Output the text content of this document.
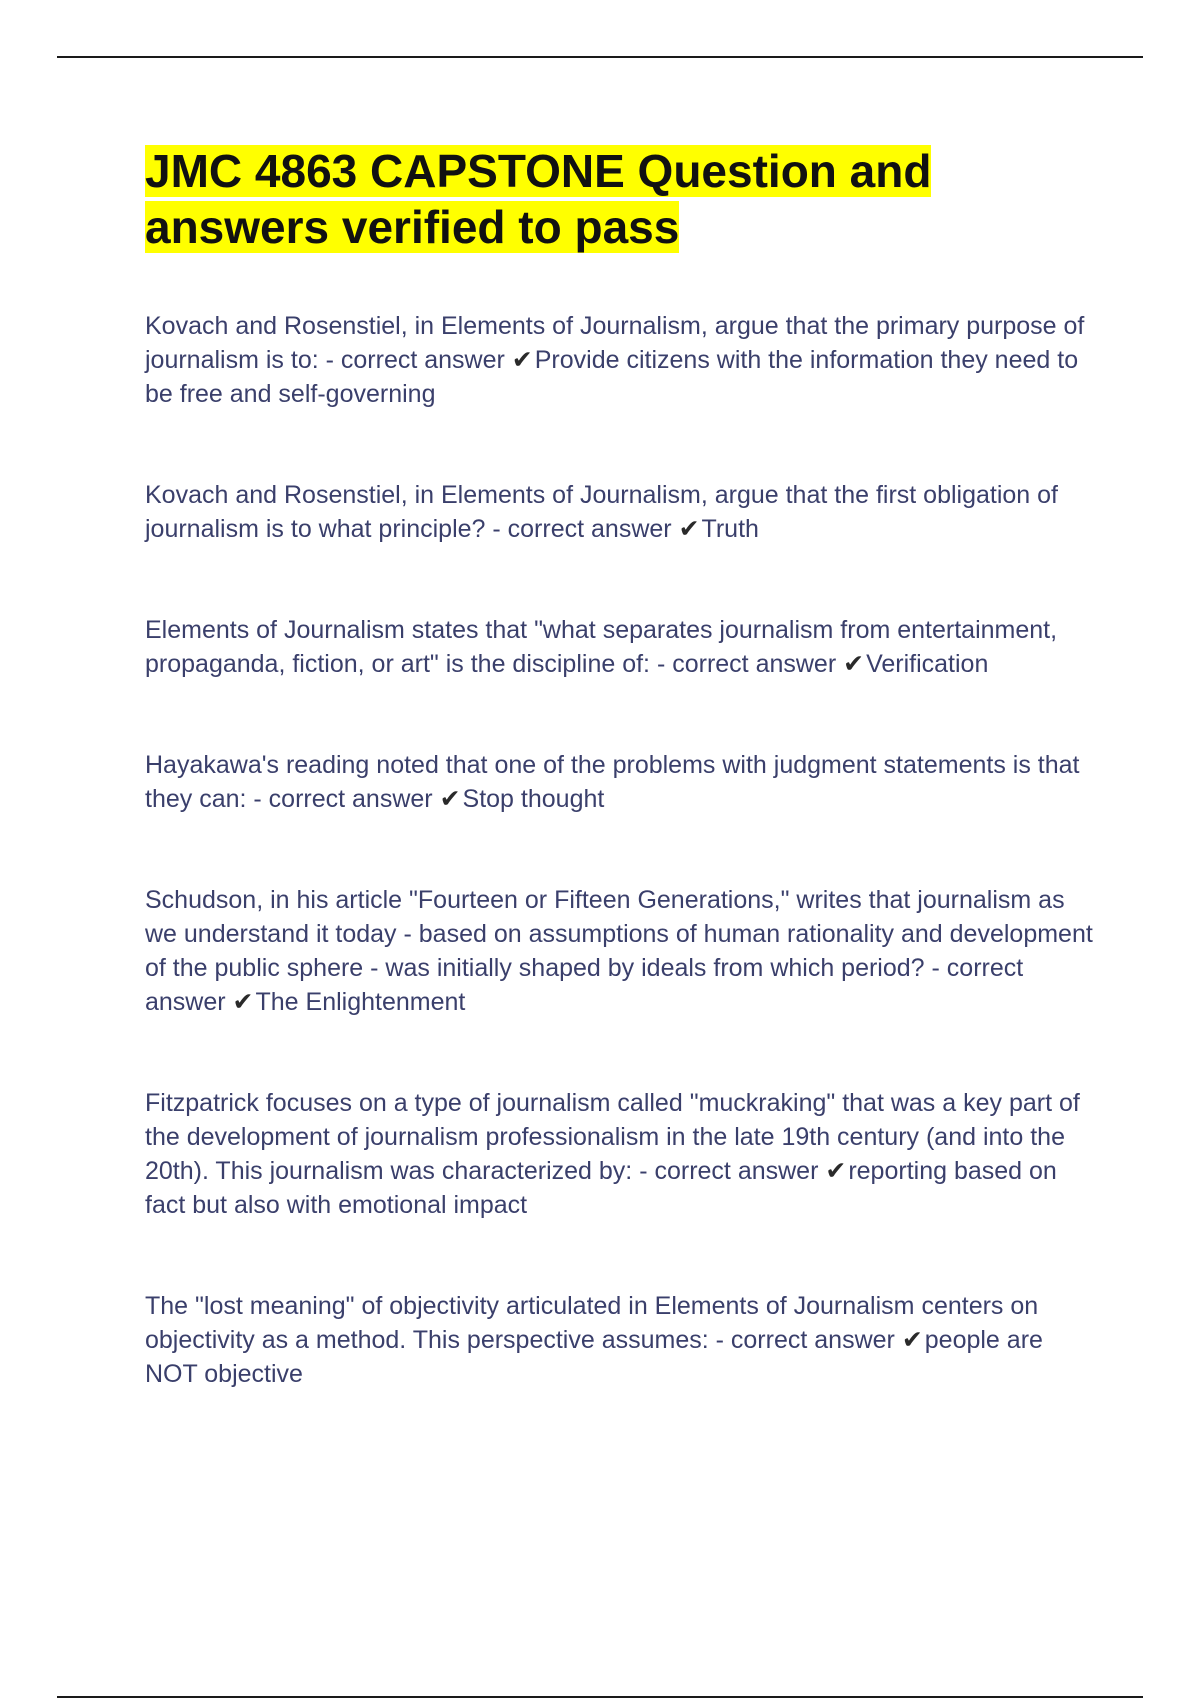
JMC 4863 CAPSTONE Question and
answers verified to pass

Kovach and Rosenstiel, in Elements of Journalism, argue that the primary purpose of journalism is to: - correct answer ✔Provide citizens with the information they need to be free and self-governing

Kovach and Rosenstiel, in Elements of Journalism, argue that the first obligation of journalism is to what principle? - correct answer ✔Truth

Elements of Journalism states that "what separates journalism from entertainment, propaganda, fiction, or art" is the discipline of: - correct answer ✔Verification

Hayakawa's reading noted that one of the problems with judgment statements is that they can: - correct answer ✔Stop thought

Schudson, in his article "Fourteen or Fifteen Generations," writes that journalism as we understand it today - based on assumptions of human rationality and development of the public sphere - was initially shaped by ideals from which period? - correct answer ✔The Enlightenment

Fitzpatrick focuses on a type of journalism called "muckraking" that was a key part of the development of journalism professionalism in the late 19th century (and into the 20th). This journalism was characterized by: - correct answer ✔reporting based on fact but also with emotional impact

The "lost meaning" of objectivity articulated in Elements of Journalism centers on objectivity as a method. This perspective assumes: - correct answer ✔people are NOT objective
